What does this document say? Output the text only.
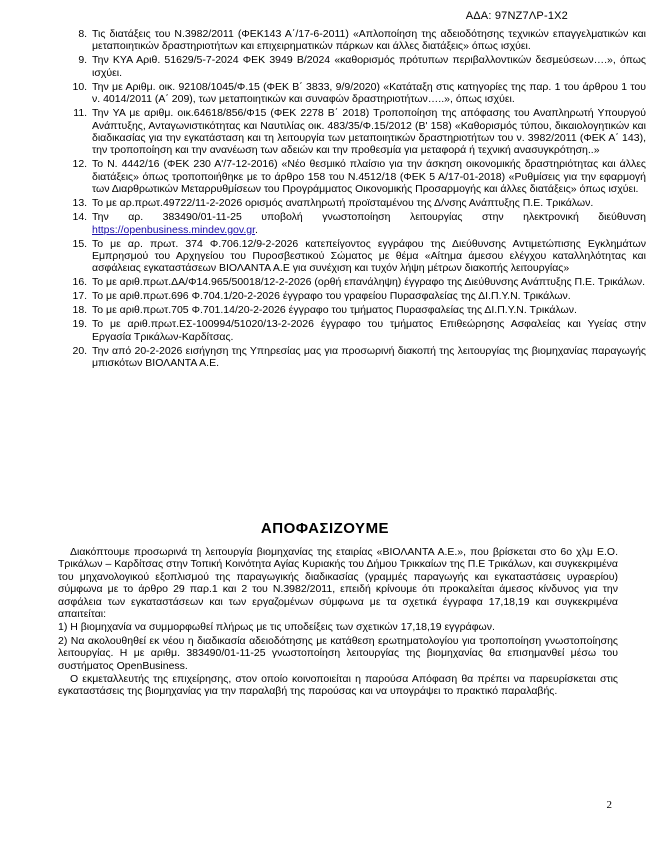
ΑΔΑ: 97ΝΖ7ΛΡ-1Χ2
8. Τις διατάξεις του Ν.3982/2011 (ΦΕΚ143 Α΄/17-6-2011) «Απλοποίηση της αδειοδότησης τεχνικών επαγγελματικών και μεταποιητικών δραστηριοτήτων και επιχειρηματικών πάρκων και άλλες διατάξεις» όπως ισχύει.
9. Την ΚΥΑ Αριθ. 51629/5-7-2024 ΦΕΚ 3949 Β/2024 «καθορισμός πρότυπων περιβαλλοντικών δεσμεύσεων….», όπως ισχύει.
10. Την με Αριθμ. οικ. 92108/1045/Φ.15 (ΦΕΚ Β΄ 3833, 9/9/2020) «Κατάταξη στις κατηγορίες της παρ. 1 του άρθρου 1 του ν. 4014/2011 (Α΄ 209), των μεταποιητικών και συναφών δραστηριοτήτων…..», όπως ισχύει.
11. Την ΥΑ με αριθμ. οικ.64618/856/Φ15 (ΦΕΚ 2278 Β΄ 2018) Τροποποίηση της απόφασης του Αναπληρωτή Υπουργού Ανάπτυξης, Ανταγωνιστικότητας και Ναυτιλίας οικ. 483/35/Φ.15/2012 (Β' 158) «Καθορισμός τύπου, δικαιολογητικών και διαδικασίας για την εγκατάσταση και τη λειτουργία των μεταποιητικών δραστηριοτήτων του ν. 3982/2011 (ΦΕΚ Α΄ 143), την τροποποίηση και την ανανέωση των αδειών και την προθεσμία για μεταφορά ή τεχνική ανασυγκρότηση..»
12. Το Ν. 4442/16 (ΦΕΚ 230 Α'/7-12-2016) «Νέο θεσμικό πλαίσιο για την άσκηση οικονομικής δραστηριότητας και άλλες διατάξεις» όπως τροποποιήθηκε με το άρθρο 158 του Ν.4512/18 (ΦΕΚ 5 Α/17-01-2018) «Ρυθμίσεις για την εφαρμογή των Διαρθρωτικών Μεταρρυθμίσεων του Προγράμματος Οικονομικής Προσαρμογής και άλλες διατάξεις» όπως ισχύει.
13. Το με αρ.πρωτ.49722/11-2-2026 ορισμός αναπληρωτή προϊσταμένου της Δ/νσης Ανάπτυξης Π.Ε. Τρικάλων.
14. Την αρ. 383490/01-11-25 υποβολή γνωστοποίηση λειτουργίας στην ηλεκτρονική διεύθυνση https://openbusiness.mindev.gov.gr.
15. Το με αρ. πρωτ. 374 Φ.706.12/9-2-2026 κατεπείγοντος εγγράφου της Διεύθυνσης Αντιμετώπισης Εγκλημάτων Εμπρησμού του Αρχηγείου του Πυροσβεστικού Σώματος με θέμα «Αίτημα άμεσου ελέγχου καταλληλότητας και ασφάλειας εγκαταστάσεων ΒΙΟΛΑΝΤΑ Α.Ε για συνέχιση και τυχόν λήψη μέτρων διακοπής λειτουργίας»
16. Το με αριθ.πρωτ.ΔΑ/Φ14.965/50018/12-2-2026 (ορθή επανάληψη) έγγραφο της Διεύθυνσης Ανάπτυξης Π.Ε. Τρικάλων.
17. Το με αριθ.πρωτ.696 Φ.704.1/20-2-2026 έγγραφο του γραφείου Πυρασφαλείας της ΔΙ.Π.Υ.Ν. Τρικάλων.
18. Το με αριθ.πρωτ.705 Φ.701.14/20-2-2026 έγγραφο του τμήματος Πυρασφαλείας της ΔΙ.Π.Υ.Ν. Τρικάλων.
19. Το με αριθ.πρωτ.ΕΣ-100994/51020/13-2-2026 έγγραφο του τμήματος Επιθεώρησης Ασφαλείας και Υγείας στην Εργασία Τρικάλων-Καρδίτσας.
20. Την από 20-2-2026 εισήγηση της Υπηρεσίας μας για προσωρινή διακοπή της λειτουργίας της βιομηχανίας παραγωγής μπισκότων ΒΙΟΛΑΝΤΑ Α.Ε.
ΑΠΟΦΑΣΙΖΟΥΜΕ

Διακόπτουμε προσωρινά τη λειτουργία βιομηχανίας της εταιρίας «ΒΙΟΛΑΝΤΑ Α.Ε.», που βρίσκεται στο 6ο χλμ Ε.Ο. Τρικάλων – Καρδίτσας στην Τοπική Κοινότητα Αγίας Κυριακής του Δήμου Τρικκαίων της Π.Ε Τρικάλων, και συγκεκριμένα του μηχανολογικού εξοπλισμού της παραγωγικής διαδικασίας (γραμμές παραγωγής και εγκαταστάσεις υγραερίου) σύμφωνα με το άρθρο 29 παρ.1 και 2 του Ν.3982/2011, επειδή κρίνουμε ότι προκαλείται άμεσος κίνδυνος για την ασφάλεια των εγκαταστάσεων και των εργαζομένων σύμφωνα με τα σχετικά έγγραφα 17,18,19 και συγκεκριμένα απαιτείται:

1) Η βιομηχανία να συμμορφωθεί πλήρως με τις υποδείξεις των σχετικών 17,18,19 εγγράφων.

2) Να ακολουθηθεί εκ νέου η διαδικασία αδειοδότησης με κατάθεση ερωτηματολογίου για τροποποίηση γνωστοποίησης λειτουργίας. Η με αριθμ. 383490/01-11-25 γνωστοποίηση λειτουργίας της βιομηχανίας θα επισημανθεί μέσω του συστήματος OpenBusiness.

Ο εκμεταλλευτής της επιχείρησης, στον οποίο κοινοποιείται η παρούσα Απόφαση θα πρέπει να παρευρίσκεται στις εγκαταστάσεις της βιομηχανίας για την παραλαβή της παρούσας και να υπογράψει το πρακτικό παραλαβής.

2
